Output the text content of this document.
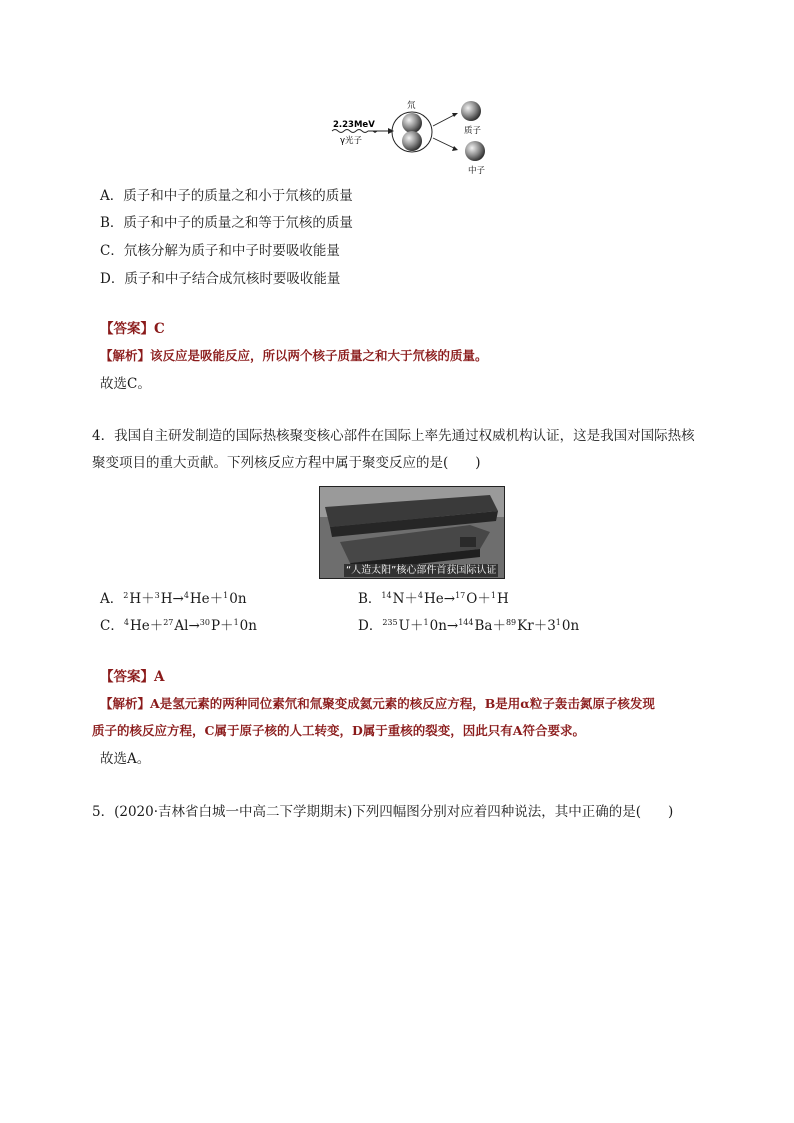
2.23MeV
γ光子
氘
质子
中子
A．质子和中子的质量之和小于氘核的质量
B．质子和中子的质量之和等于氘核的质量
C．氘核分解为质子和中子时要吸收能量
D．质子和中子结合成氘核时要吸收能量
【答案】C
【解析】该反应是吸能反应，所以两个核子质量之和大于氘核的质量。
故选C。
4．我国自主研发制造的国际热核聚变核心部件在国际上率先通过权威机构认证，这是我国对国际热核
聚变项目的重大贡献。下列核反应方程中属于聚变反应的是(　　)
“人造太阳”核心部件首获国际认证
A．$^2$H＋$^3$H→$^4$He＋$^1$0n	B．$^{14}$N＋$^4$He→$^{17}$O＋$^1$H
C．$^4$He＋$^{27}$Al→$^{30}$P＋$^1$0n	D．$^{235}U+^10n\to^{144}Ba+^{89}Kr+3^10n$
【答案】A
【解析】A是氢元素的两种同位素氘和氚聚变成氦元素的核反应方程，B是用α粒子轰击氮原子核发现
质子的核反应方程，C属于原子核的人工转变，D属于重核的裂变，因此只有A符合要求。
故选A。
5．(2020·吉林省白城一中高二下学期期末)下列四幅图分别对应着四种说法，其中正确的是(　　)
